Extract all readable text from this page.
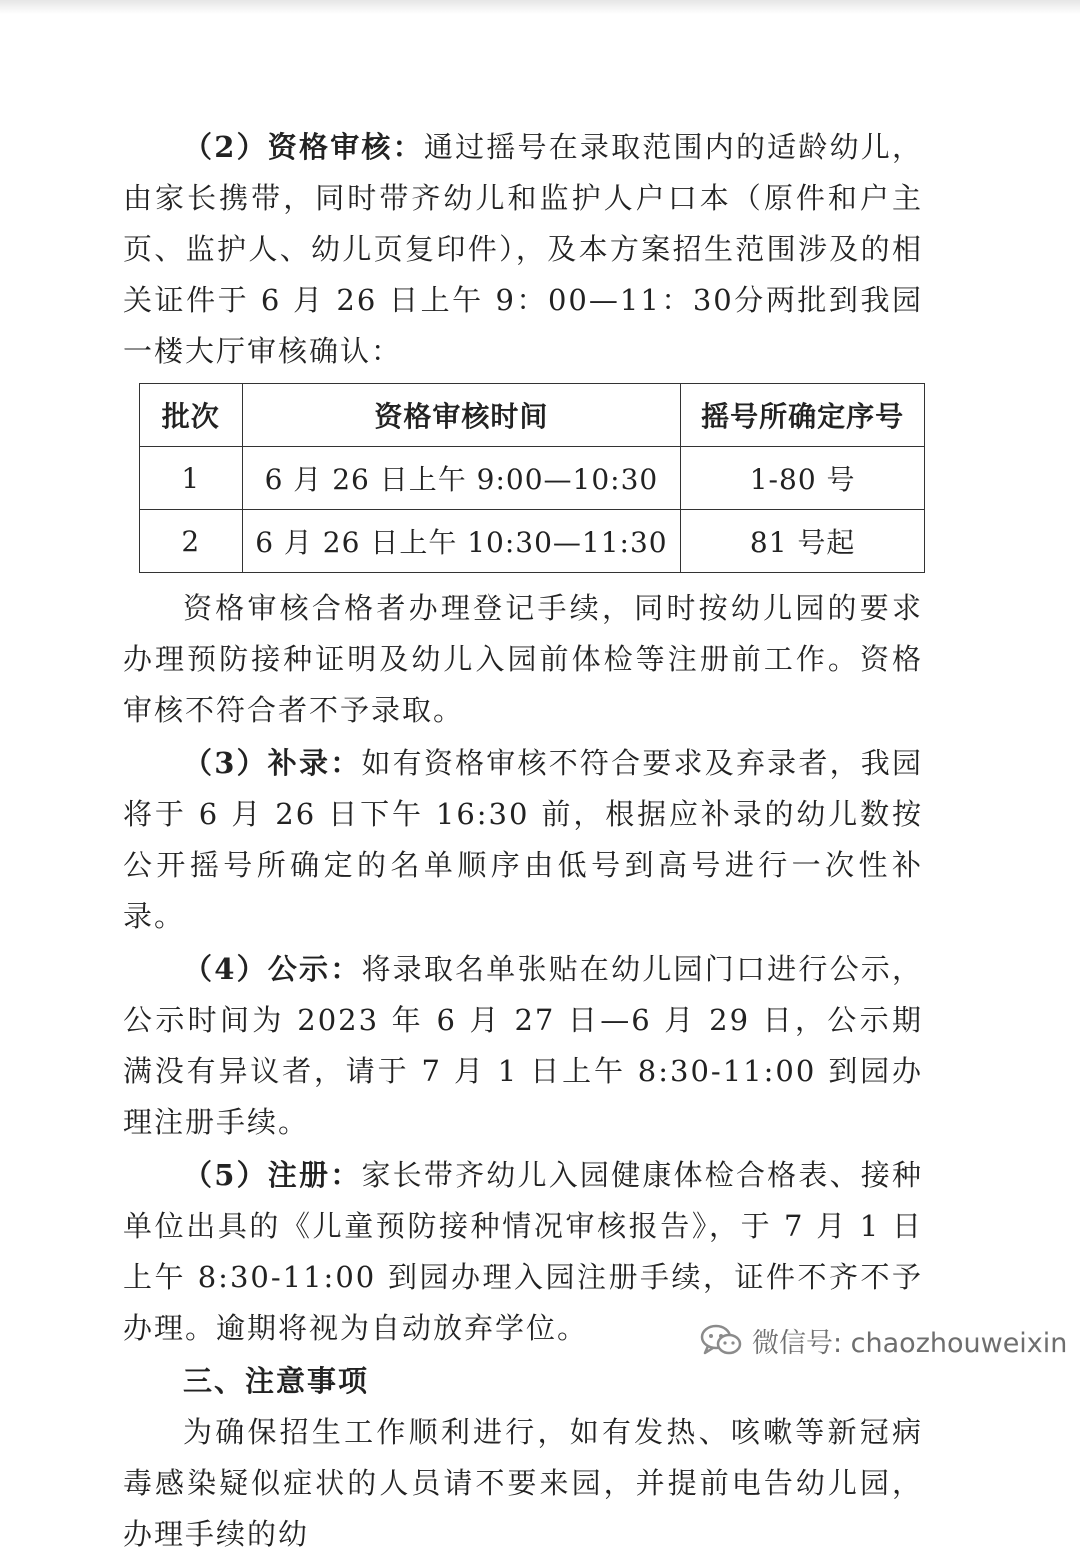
（2）资格审核：通过摇号在录取范围内的适龄幼儿，由家长携带，同时带齐幼儿和监护人户口本（原件和户主页、监护人、幼儿页复印件），及本方案招生范围涉及的相关证件于 6 月 26 日上午 9：00—11：30分两批到我园一楼大厅审核确认：

批次	资格审核时间	摇号所确定序号
1	6 月 26 日上午 9:00—10:30	1-80 号
2	6 月 26 日上午 10:30—11:30	81 号起

资格审核合格者办理登记手续，同时按幼儿园的要求办理预防接种证明及幼儿入园前体检等注册前工作。资格审核不符合者不予录取。

（3）补录：如有资格审核不符合要求及弃录者，我园将于 6 月 26 日下午 16:30 前，根据应补录的幼儿数按公开摇号所确定的名单顺序由低号到高号进行一次性补录。

（4）公示：将录取名单张贴在幼儿园门口进行公示，公示时间为 2023 年 6 月 27 日—6 月 29 日，公示期满没有异议者，请于 7 月 1 日上午 8:30-11:00 到园办理注册手续。

（5）注册：家长带齐幼儿入园健康体检合格表、接种单位出具的《儿童预防接种情况审核报告》，于 7 月 1 日上午 8:30-11:00 到园办理入园注册手续，证件不齐不予办理。逾期将视为自动放弃学位。

三、注意事项

为确保招生工作顺利进行，如有发热、咳嗽等新冠病毒感染疑似症状的人员请不要来园，并提前电告幼儿园，办理手续的幼

微信号: chaozhouweixin
